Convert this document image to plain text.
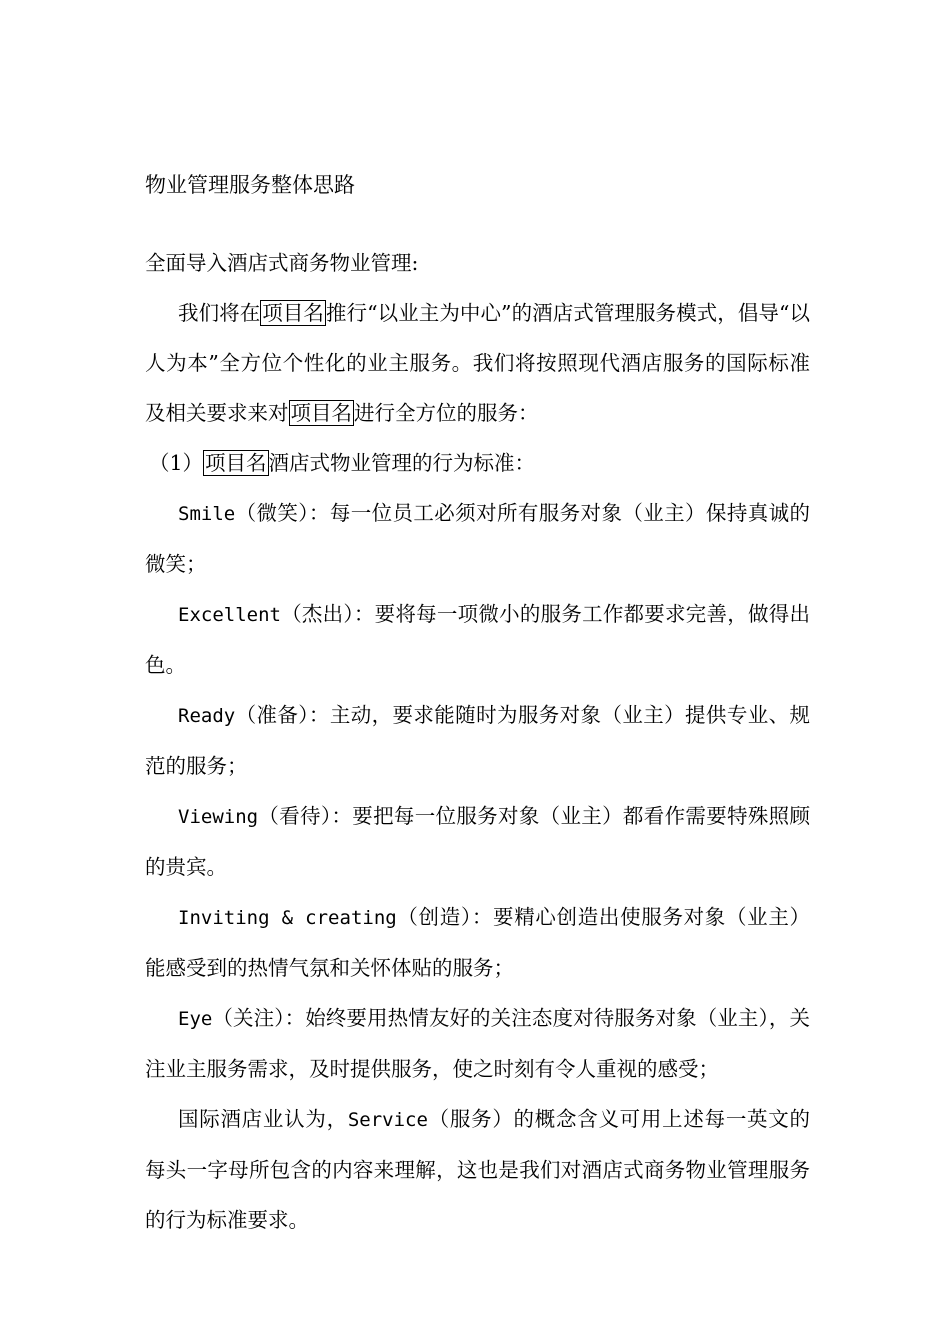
物业管理服务整体思路

全面导入酒店式商务物业管理:

我们将在项目名推行“以业主为中心”的酒店式管理服务模式，倡导“以人为本”全方位个性化的业主服务。我们将按照现代酒店服务的国际标准及相关要求来对项目名进行全方位的服务：

（1）项目名酒店式物业管理的行为标准：

Smile（微笑）：每一位员工必须对所有服务对象（业主）保持真诚的微笑；

Excellent（杰出）：要将每一项微小的服务工作都要求完善，做得出色。

Ready（准备）：主动，要求能随时为服务对象（业主）提供专业、规范的服务；

Viewing（看待）：要把每一位服务对象（业主）都看作需要特殊照顾的贵宾。

Inviting & creating（创造）：要精心创造出使服务对象（业主）能感受到的热情气氛和关怀体贴的服务；

Eye（关注）：始终要用热情友好的关注态度对待服务对象（业主），关注业主服务需求，及时提供服务，使之时刻有令人重视的感受；

国际酒店业认为，Service（服务）的概念含义可用上述每一英文的每头一字母所包含的内容来理解，这也是我们对酒店式商务物业管理服务的行为标准要求。
